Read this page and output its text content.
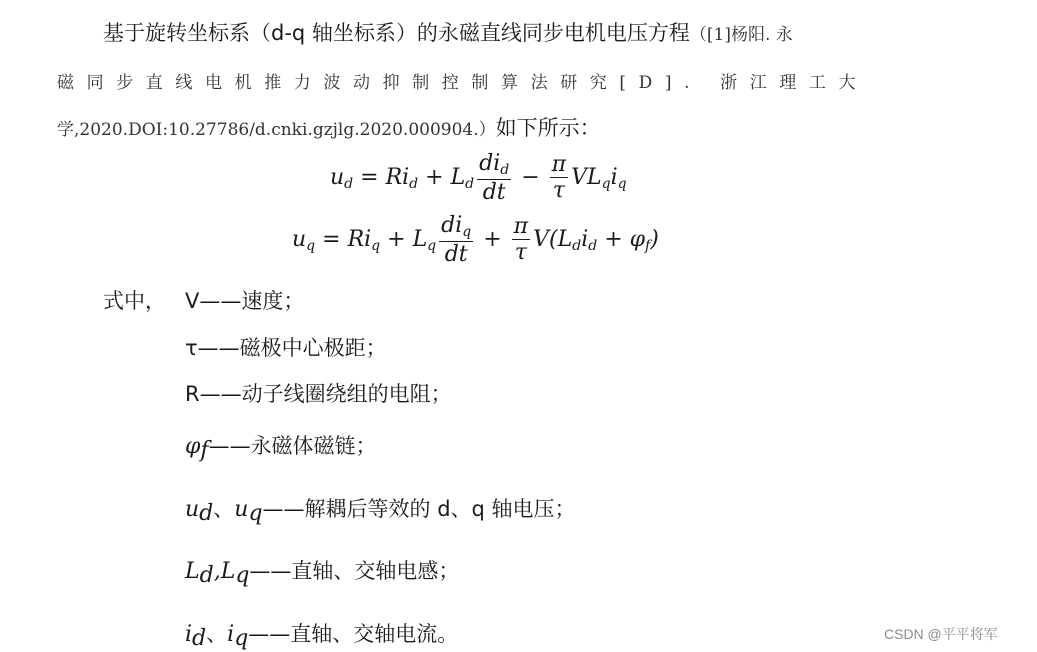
基于旋转坐标系（d-q 轴坐标系）的永磁直线同步电机电压方程（[1]杨阳. 永
磁同步直线电机推力波动抑制控制算法研究[D]. 浙江理工大
学,2020.DOI:10.27786/d.cnki.gzjlg.2020.000904.）如下所示：
$u_d = Ri_d + L_d \frac{di_d}{dt} - \frac{\pi}{\tau} VL_qi_q$
$u_q = Ri_q + L_q \frac{di_q}{dt} + \frac{\pi}{\tau} V(L_di_d + \varphi_f)$
式中， V——速度；
τ——磁极中心极距；
R——动子线圈绕组的电阻；
$\varphi_f——$永磁体磁链；
$u_d$、$u_q——$解耦后等效的 d、q 轴电压；
$L_d,L_q——$直轴、交轴电感；
$i_d$、$i_q——$直轴、交轴电流。	CSDN @平平将军
